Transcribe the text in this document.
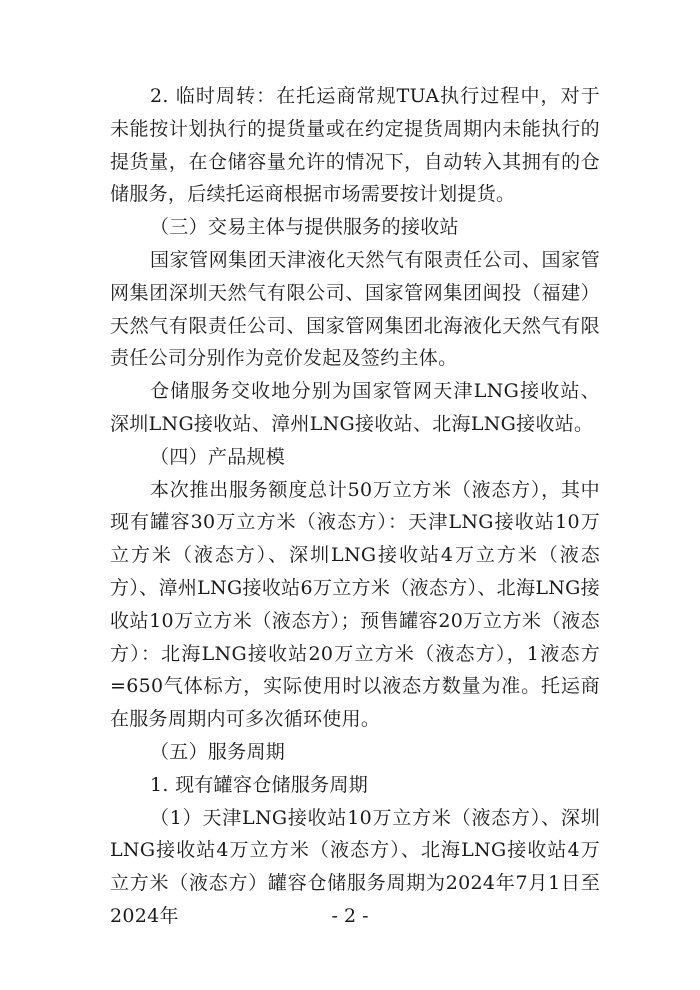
2. 临时周转：在托运商常规TUA执行过程中，对于未能按计划执行的提货量或在约定提货周期内未能执行的提货量，在仓储容量允许的情况下，自动转入其拥有的仓储服务，后续托运商根据市场需要按计划提货。

（三）交易主体与提供服务的接收站

国家管网集团天津液化天然气有限责任公司、国家管网集团深圳天然气有限公司、国家管网集团闽投（福建）天然气有限责任公司、国家管网集团北海液化天然气有限责任公司分别作为竞价发起及签约主体。

仓储服务交收地分别为国家管网天津LNG接收站、深圳LNG接收站、漳州LNG接收站、北海LNG接收站。

（四）产品规模

本次推出服务额度总计50万立方米（液态方），其中现有罐容30万立方米（液态方）：天津LNG接收站10万立方米（液态方）、深圳LNG接收站4万立方米（液态方）、漳州LNG接收站6万立方米（液态方）、北海LNG接收站10万立方米（液态方）；预售罐容20万立方米（液态方）：北海LNG接收站20万立方米（液态方），1液态方=650气体标方，实际使用时以液态方数量为准。托运商在服务周期内可多次循环使用。

（五）服务周期

1. 现有罐容仓储服务周期

（1）天津LNG接收站10万立方米（液态方）、深圳LNG接收站4万立方米（液态方）、北海LNG接收站4万立方米（液态方）罐容仓储服务周期为2024年7月1日至2024年	- 2 -
